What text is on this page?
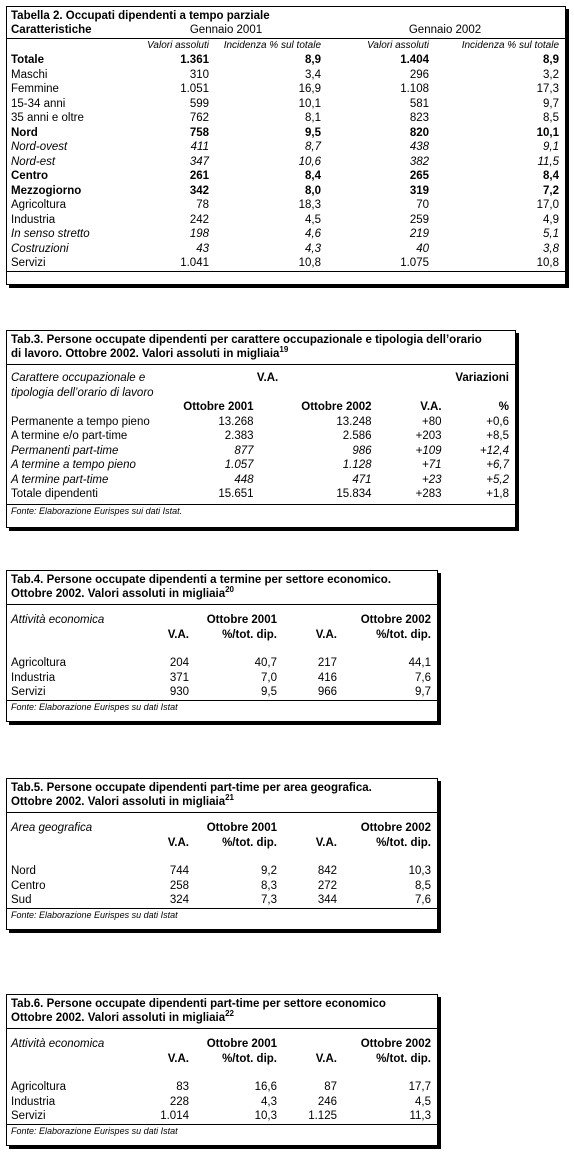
Tabella 2. Occupati dipendenti a tempo parziale
Caratteristiche	Gennaio 2001		Gennaio 2002	
	Valori assoluti	Incidenza % sul totale	Valori assoluti	Incidenza % sul totale
Totale	1.361	8,9	1.404	8,9
Maschi	310	3,4	296	3,2
Femmine	1.051	16,9	1.108	17,3
15-34 anni	599	10,1	581	9,7
35 anni e oltre	762	8,1	823	8,5
Nord	758	9,5	820	10,1
Nord-ovest	411	8,7	438	9,1
Nord-est	347	10,6	382	11,5
Centro	261	8,4	265	8,4
Mezzogiorno	342	8,0	319	7,2
Agricoltura	78	18,3	70	17,0
Industria	242	4,5	259	4,9
In senso stretto	198	4,6	219	5,1
Costruzioni	43	4,3	40	3,8
Servizi	1.041	10,8	1.075	10,8
Tab.3. Persone occupate dipendenti per carattere occupazionale e tipologia dell’orario
di lavoro. Ottobre 2002. Valori assoluti in migliaia$^{19}$
Carattere occupazionale e	V.A.		Variazioni	
tipologia dell’orario di lavoro				
	Ottobre 2001	Ottobre 2002	V.A.	%
Permanente a tempo pieno	13.268	13.248	+80	+0,6
A termine e/o part-time	2.383	2.586	+203	+8,5
Permanenti part-time	877	986	+109	+12,4
A termine a tempo pieno	1.057	1.128	+71	+6,7
A termine part-time	448	471	+23	+5,2
Totale dipendenti	15.651	15.834	+283	+1,8
Fonte: Elaborazione Eurispes sui dati Istat.
Tab.4. Persone occupate dipendenti a termine per settore economico.
Ottobre 2002. Valori assoluti in migliaia$^{20}$
Attività economica	Ottobre 2001		Ottobre 2002	
	V.A.	%/tot. dip.	V.A.	%/tot. dip.

Agricoltura	204	40,7	217	44,1
Industria	371	7,0	416	7,6
Servizi	930	9,5	966	9,7
Fonte: Elaborazione Eurispes su dati Istat
Tab.5. Persone occupate dipendenti part-time per area geografica.
Ottobre 2002. Valori assoluti in migliaia$^{21}$
Area geografica	Ottobre 2001		Ottobre 2002	
	V.A.	%/tot. dip.	V.A.	%/tot. dip.

Nord	744	9,2	842	10,3
Centro	258	8,3	272	8,5
Sud	324	7,3	344	7,6
Fonte: Elaborazione Eurispes su dati Istat
Tab.6. Persone occupate dipendenti part-time per settore economico
Ottobre 2002. Valori assoluti in migliaia$^{22}$
Attività economica	Ottobre 2001		Ottobre 2002	
	V.A.	%/tot. dip.	V.A.	%/tot. dip.

Agricoltura	83	16,6	87	17,7
Industria	228	4,3	246	4,5
Servizi	1.014	10,3	1.125	11,3
Fonte: Elaborazione Eurispes su dati Istat
